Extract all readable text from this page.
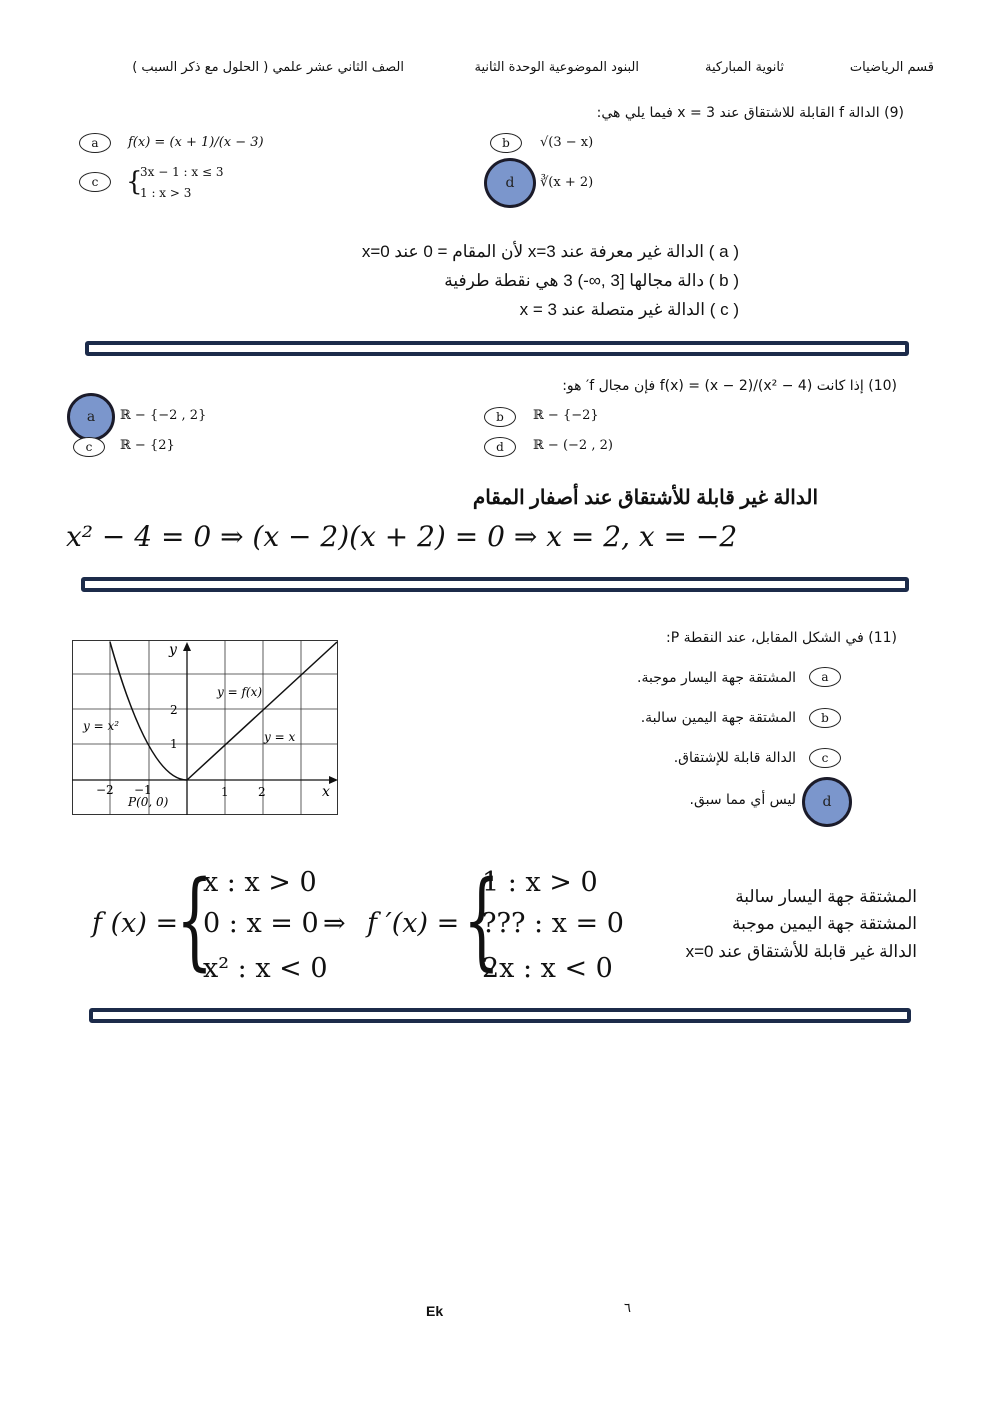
قسم الرياضيات
ثانوية المباركية
البنود الموضوعية الوحدة الثانية
الصف الثاني عشر علمي ( الحلول مع ذكر السبب )
(9) الدالة f القابلة للاشتقاق عند x = 3 فيما يلي هي:
a	f(x) = (x + 1)/(x − 3)	b	√(3 − x)
c	{
3x − 1 : x ≤ 3
1 : x > 3
d	∛(x + 2)
( a ) الدالة غير معرفة عند x=3 لأن المقام = 0 عند x=0
( b ) دالة مجالها [3 ,∞-) 3 هي نقطة طرفية
( c ) الدالة غير متصلة عند x = 3
(10) إذا كانت f(x) = (x − 2)/(x² − 4) فإن مجال f′ هو:
a	ℝ − {−2 , 2}	b	ℝ − {−2}
c	ℝ − {2}	d	ℝ − (−2 , 2)
الدالة غير قابلة للأشتقاق عند أصفار المقام
x² − 4 = 0 ⇒ (x − 2)(x + 2) = 0 ⇒ x = 2, x = −2
(11) في الشكل المقابل، عند النقطة P:
a
المشتقة جهة اليسار موجبة.
b
المشتقة جهة اليمين سالبة.
c
الدالة قابلة للإشتقاق.
d
ليس أي مما سبق.
y
x
y = f(x)
y = x²
y = x
P(0, 0)
−2 −1	1 2
1
2
f (x) =
{
x : x > 0
0 : x = 0
x² : x < 0
⇒ f ′(x) = {
1 : x > 0
??? : x = 0
2x : x < 0
المشتقة جهة اليسار سالبة
المشتقة جهة اليمين موجبة
الدالة غير قابلة للأشتقاق عند x=0
Ek	٦
